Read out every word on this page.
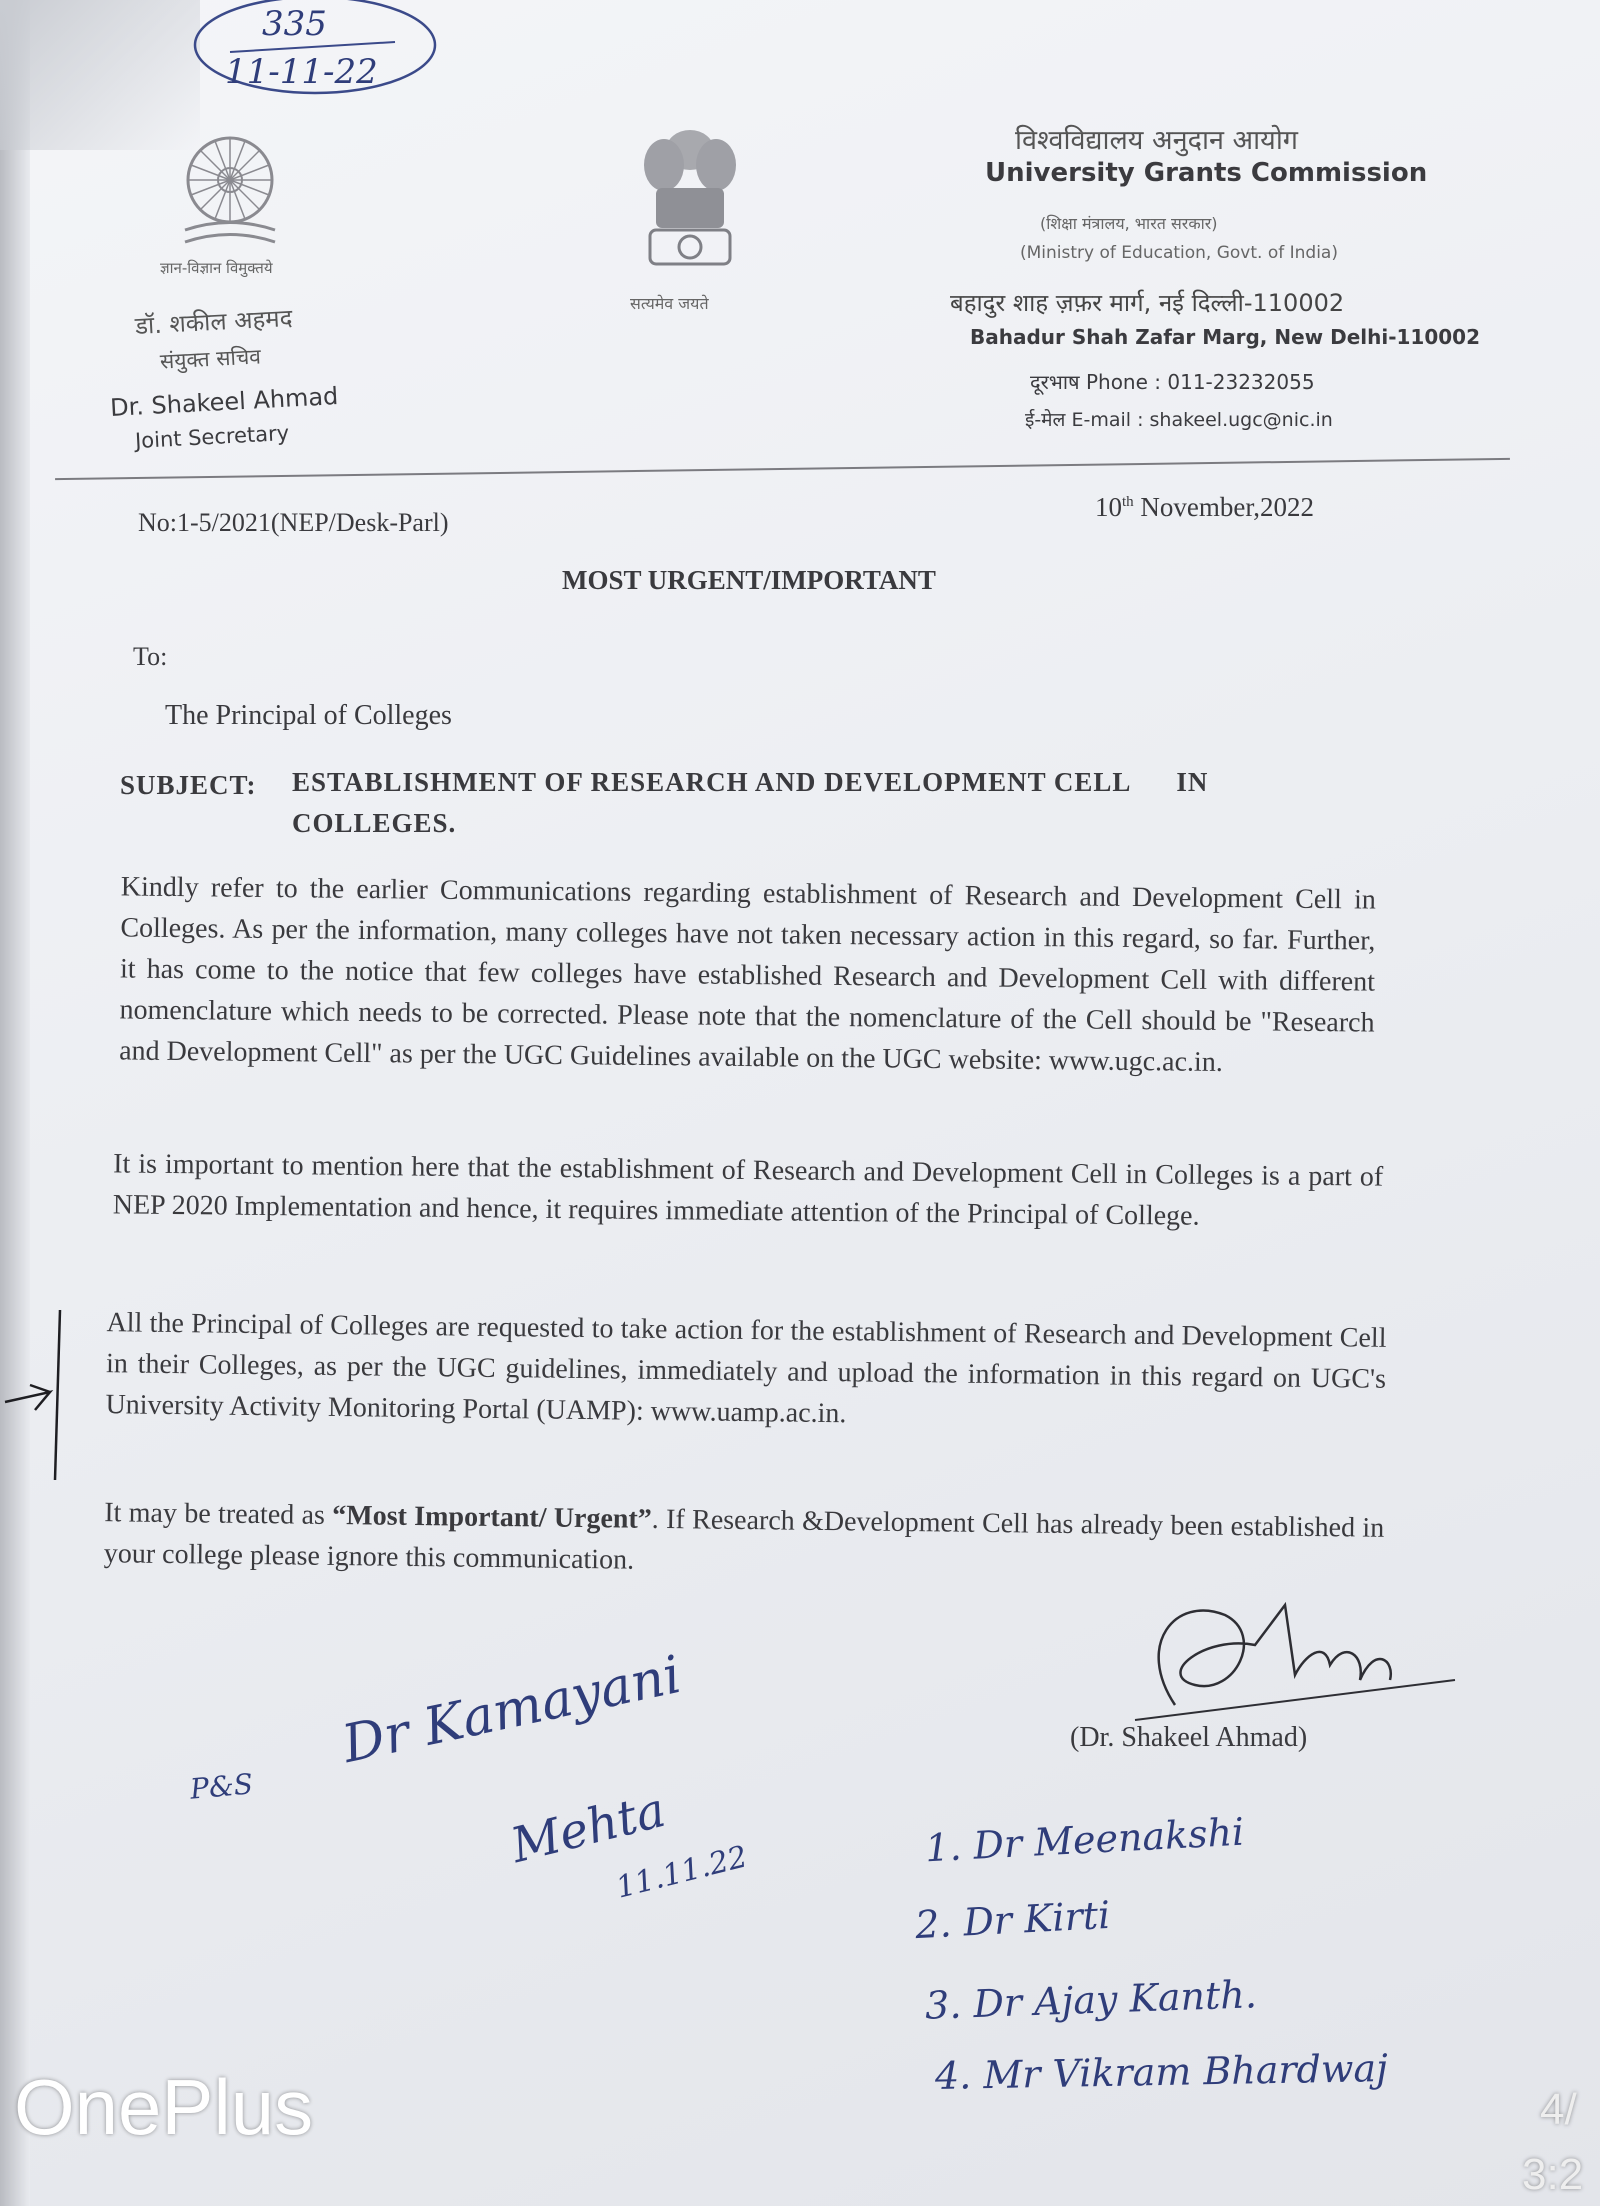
335
11-11-22
ज्ञान-विज्ञान विमुक्तये
सत्यमेव जयते
डॉ. शकील अहमद
संयुक्त सचिव
Dr. Shakeel Ahmad
Joint Secretary
विश्वविद्यालय अनुदान आयोग
University Grants Commission
(शिक्षा मंत्रालय, भारत सरकार)
(Ministry of Education, Govt. of India)
बहादुर शाह ज़फ़र मार्ग, नई दिल्ली-110002
Bahadur Shah Zafar Marg, New Delhi-110002
दूरभाष Phone : 011-23232055
ई-मेल E-mail : shakeel.ugc@nic.in
No:1-5/2021(NEP/Desk-Parl)
10th November,2022
MOST URGENT/IMPORTANT
To:
The Principal of Colleges
SUBJECT: ESTABLISHMENT OF RESEARCH AND DEVELOPMENT CELL      IN
COLLEGES.
Kindly refer to the earlier Communications regarding establishment of Research and Development Cell in Colleges. As per the information, many colleges have not taken necessary action in this regard, so far. Further, it has come to the notice that few colleges have established Research and Development Cell with different nomenclature which needs to be corrected. Please note that the nomenclature of the Cell should be "Research and Development Cell" as per the UGC Guidelines available on the UGC website: www.ugc.ac.in.
It is important to mention here that the establishment of Research and Development Cell in Colleges is a part of NEP 2020 Implementation and hence, it requires immediate attention of the Principal of College.
All the Principal of Colleges are requested to take action for the establishment of Research and Development Cell in their Colleges, as per the UGC guidelines, immediately and upload the information in this regard on UGC's University Activity Monitoring Portal (UAMP): www.uamp.ac.in.
It may be treated as “Most Important/ Urgent”. If Research &Development Cell has already been established in your college please ignore this communication.
(Dr. Shakeel Ahmad)
P&S
Dr Kamayani
Mehta
11.11.22	1. Dr Meenakshi
2. Dr Kirti
3. Dr Ajay Kanth.
4. Mr Vikram Bhardwaj
OnePlus	4/
3:2
